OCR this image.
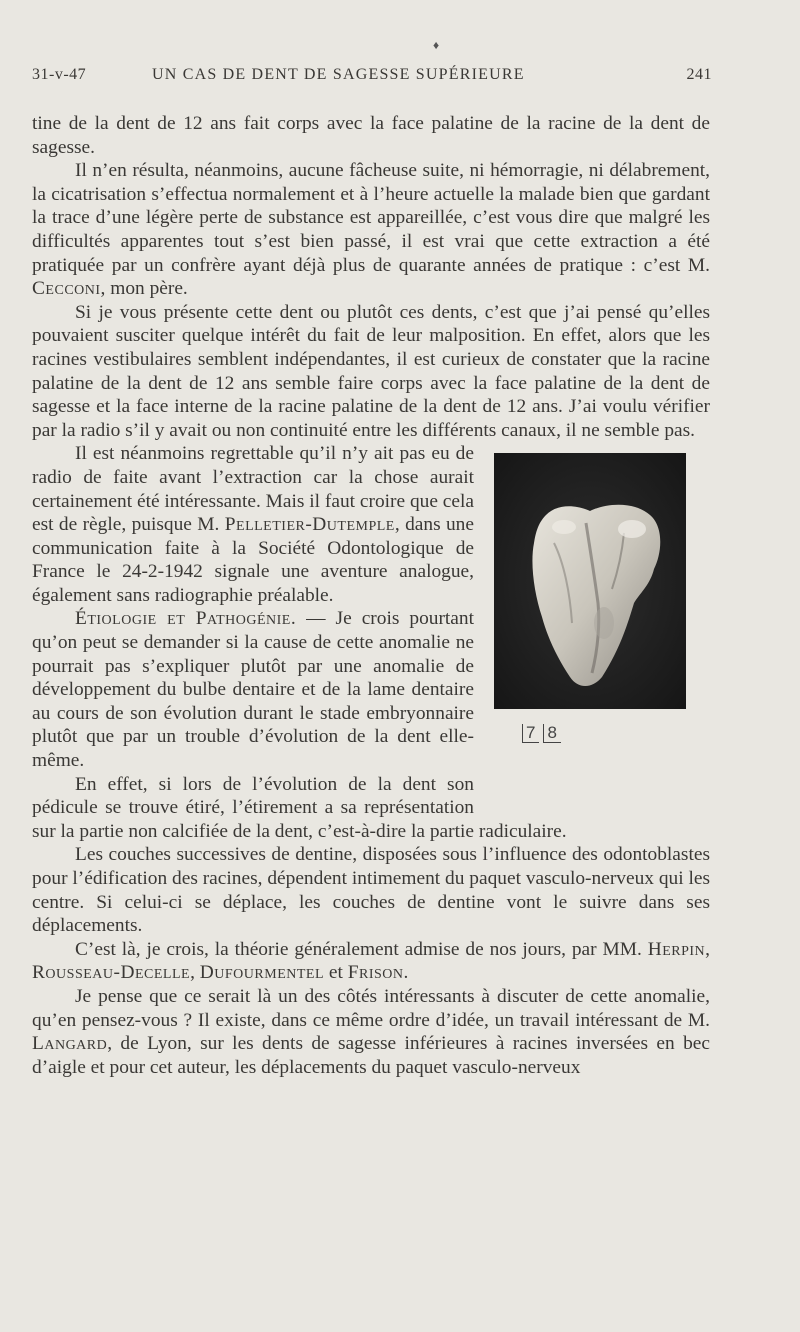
♦
31-v-47	UN CAS DE DENT DE SAGESSE SUPÉRIEURE	241

tine de la dent de 12 ans fait corps avec la face palatine de la racine de la dent de sagesse.

Il n’en résulta, néanmoins, aucune fâcheuse suite, ni hémorragie, ni délabrement, la cicatrisation s’effectua normalement et à l’heure actuelle la malade bien que gardant la trace d’une légère perte de substance est appareillée, c’est vous dire que malgré les difficultés apparentes tout s’est bien passé, il est vrai que cette extraction a été pratiquée par un confrère ayant déjà plus de quarante années de pratique : c’est M. Cecconi, mon père.

Si je vous présente cette dent ou plutôt ces dents, c’est que j’ai pensé qu’elles pouvaient susciter quelque intérêt du fait de leur malposition. En effet, alors que les racines vestibulaires semblent indépendantes, il est curieux de constater que la racine palatine de la dent de 12 ans semble faire corps avec la face palatine de la dent de sagesse et la face interne de la racine palatine de la dent de 12 ans. J’ai voulu vérifier par la radio s’il y avait ou non continuité entre les différents canaux, il ne semble pas.

7 8

Il est néanmoins regrettable qu’il n’y ait pas eu de radio de faite avant l’extraction car la chose aurait certainement été intéressante. Mais il faut croire que cela est de règle, puisque M. Pelletier-Dutemple, dans une communication faite à la Société Odontologique de France le 24-2-1942 signale une aventure analogue, également sans radiographie préalable.

Étiologie et Pathogénie. — Je crois pourtant qu’on peut se demander si la cause de cette anomalie ne pourrait pas s’expliquer plutôt par une anomalie de développement du bulbe dentaire et de la lame dentaire au cours de son évolution durant le stade embryonnaire plutôt que par un trouble d’évolution de la dent elle-même.

En effet, si lors de l’évolution de la dent son pédicule se trouve étiré, l’étirement a sa représentation sur la partie non calcifiée de la dent, c’est-à-dire la partie radiculaire.

Les couches successives de dentine, disposées sous l’influence des odontoblastes pour l’édification des racines, dépendent intimement du paquet vasculo-nerveux qui les centre. Si celui-ci se déplace, les couches de dentine vont le suivre dans ses déplacements.

C’est là, je crois, la théorie généralement admise de nos jours, par MM. Herpin, Rousseau-Decelle, Dufourmentel et Frison.

Je pense que ce serait là un des côtés intéressants à discuter de cette anomalie, qu’en pensez-vous ? Il existe, dans ce même ordre d’idée, un travail intéressant de M. Langard, de Lyon, sur les dents de sagesse inférieures à racines inversées en bec d’aigle et pour cet auteur, les déplacements du paquet vasculo-nerveux
